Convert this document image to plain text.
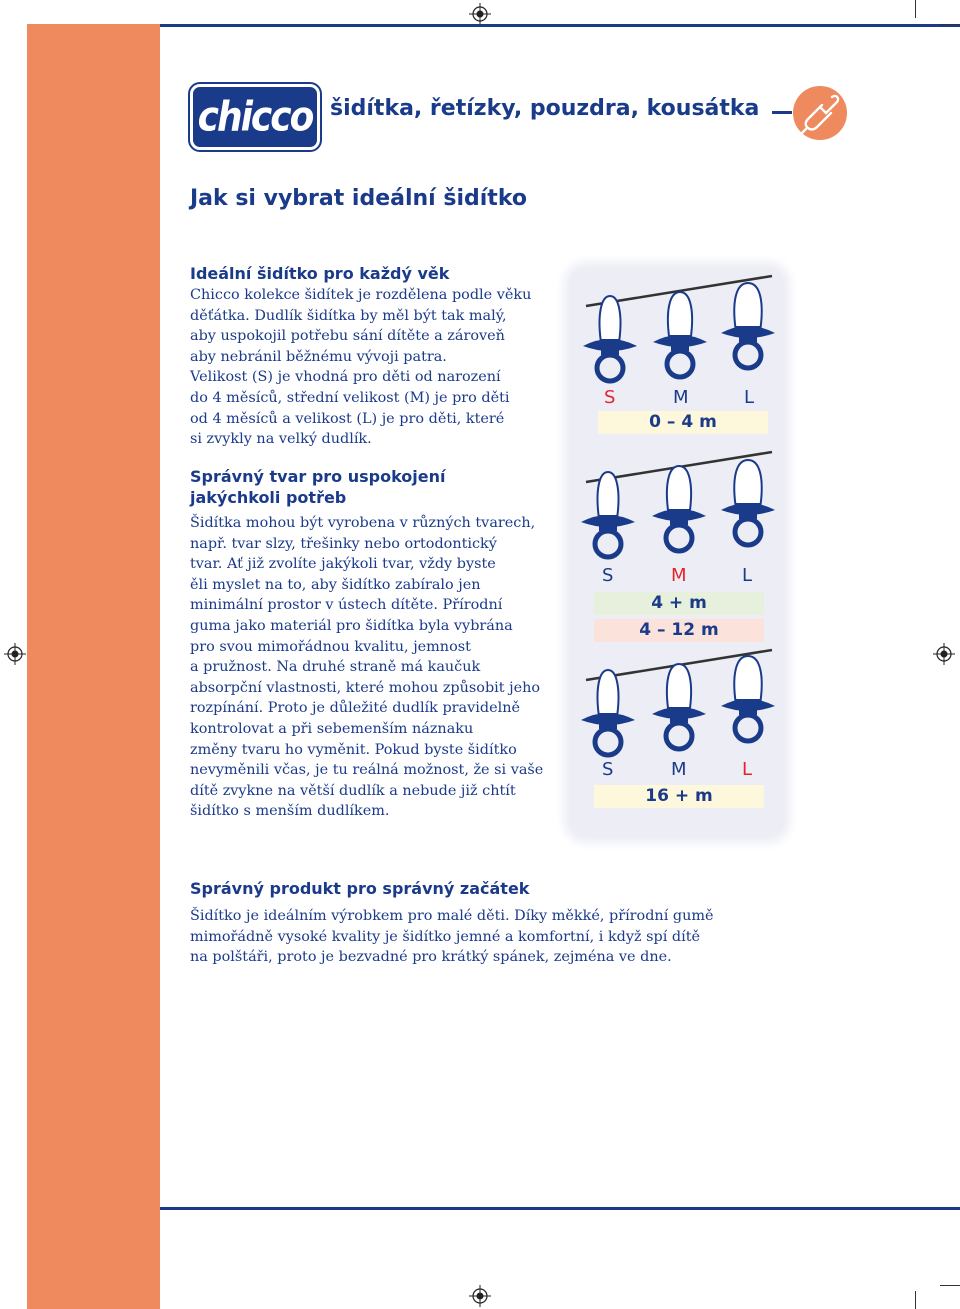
chicco šidítka, řetízky, pouzdra, kousátka
Jak si vybrat ideální šidítko
Ideální šidítko pro každý věk
Chicco kolekce šidítek je rozdělena podle věku
děťátka. Dudlík šidítka by měl být tak malý,
aby uspokojil potřebu sání dítěte a zároveň
aby nebránil běžnému vývoji patra.
Velikost (S) je vhodná pro děti od narození
do 4 měsíců, střední velikost (M) je pro děti
od 4 měsíců a velikost (L) je pro děti, které
si zvykly na velký dudlík.
Správný tvar pro uspokojení
jakýchkoli potřeb
Šidítka mohou být vyrobena v různých tvarech,
např. tvar slzy, třešinky nebo ortodontický
tvar. Ať již zvolíte jakýkoli tvar, vždy byste
ěli myslet na to, aby šidítko zabíralo jen
minimální prostor v ústech dítěte. Přírodní
guma jako materiál pro šidítka byla vybrána
pro svou mimořádnou kvalitu, jemnost
a pružnost. Na druhé straně má kaučuk
absorpční vlastnosti, které mohou způsobit jeho
rozpínání. Proto je důležité dudlík pravidelně
kontrolovat a při sebemenším náznaku
změny tvaru ho vyměnit. Pokud byste šidítko
nevyměnili včas, je tu reálná možnost, že si vaše
dítě zvykne na větší dudlík a nebude již chtít
šidítko s menším dudlíkem.
Správný produkt pro správný začátek
Šidítko je ideálním výrobkem pro malé děti. Díky měkké, přírodní gumě
mimořádně vysoké kvality je šidítko jemné a komfortní, i když spí dítě
na polštáři, proto je bezvadné pro krátký spánek, zejména ve dne.
S	M	L
0 – 4 m
S	M	L
4 + m
4 – 12 m
S	M	L
16 + m
